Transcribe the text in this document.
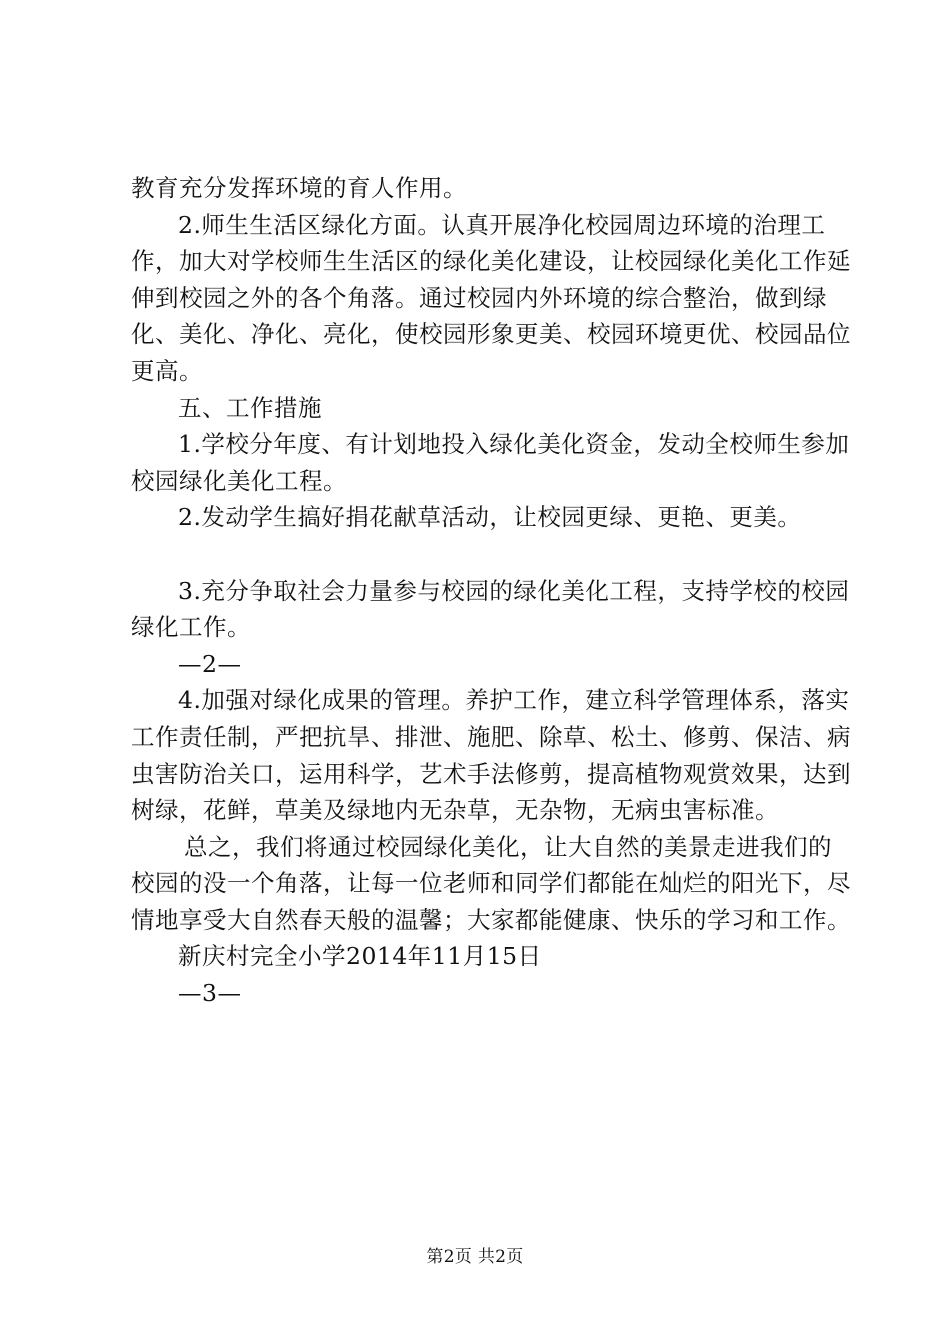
教育充分发挥环境的育人作用。

2.师生生活区绿化方面。认真开展净化校园周边环境的治理工作，加大对学校师生生活区的绿化美化建设，让校园绿化美化工作延伸到校园之外的各个角落。通过校园内外环境的综合整治，做到绿化、美化、净化、亮化，使校园形象更美、校园环境更优、校园品位更高。

五、工作措施

1.学校分年度、有计划地投入绿化美化资金，发动全校师生参加校园绿化美化工程。

2.发动学生搞好捐花献草活动，让校园更绿、更艳、更美。

3.充分争取社会力量参与校园的绿化美化工程，支持学校的校园绿化工作。

—2—

4.加强对绿化成果的管理。养护工作，建立科学管理体系，落实工作责任制，严把抗旱、排泄、施肥、除草、松土、修剪、保洁、病虫害防治关口，运用科学，艺术手法修剪，提高植物观赏效果，达到树绿，花鲜，草美及绿地内无杂草，无杂物，无病虫害标准。

总之，我们将通过校园绿化美化，让大自然的美景走进我们的校园的没一个角落，让每一位老师和同学们都能在灿烂的阳光下，尽情地享受大自然春天般的温馨；大家都能健康、快乐的学习和工作。

新庆村完全小学2014年11月15日

—3—

第2页 共2页
